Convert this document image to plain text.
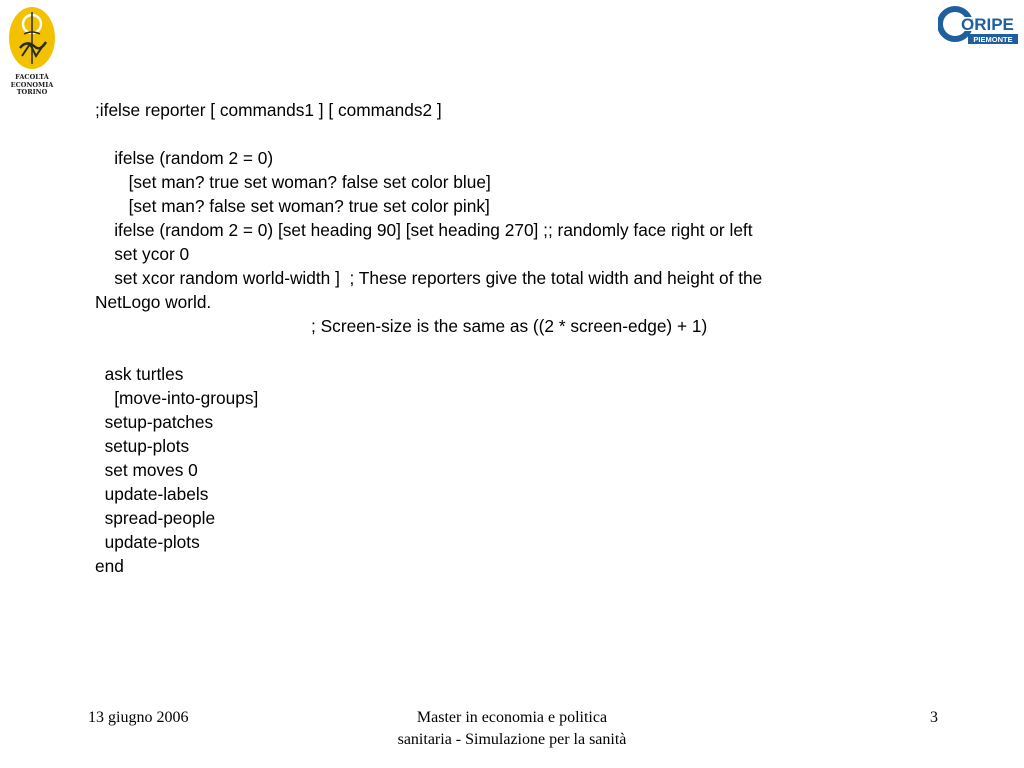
FACOLTÀ
ECONOMIA
TORINO
ORIPE
PIEMONTE
;ifelse reporter [ commands1 ] [ commands2 ]
ifelse (random 2 = 0)
[set man? true set woman? false set color blue]
[set man? false set woman? true set color pink]
ifelse (random 2 = 0) [set heading 90] [set heading 270] ;; randomly face right or left
set ycor 0
set xcor random world-width ]  ; These reporters give the total width and height of the
NetLogo world.
; Screen-size is the same as ((2 * screen-edge) + 1)
ask turtles
[move-into-groups]
setup-patches
setup-plots
set moves 0
update-labels
spread-people
update-plots
end
13 giugno 2006	Master in economia e politica
sanitaria - Simulazione per la sanità
3
